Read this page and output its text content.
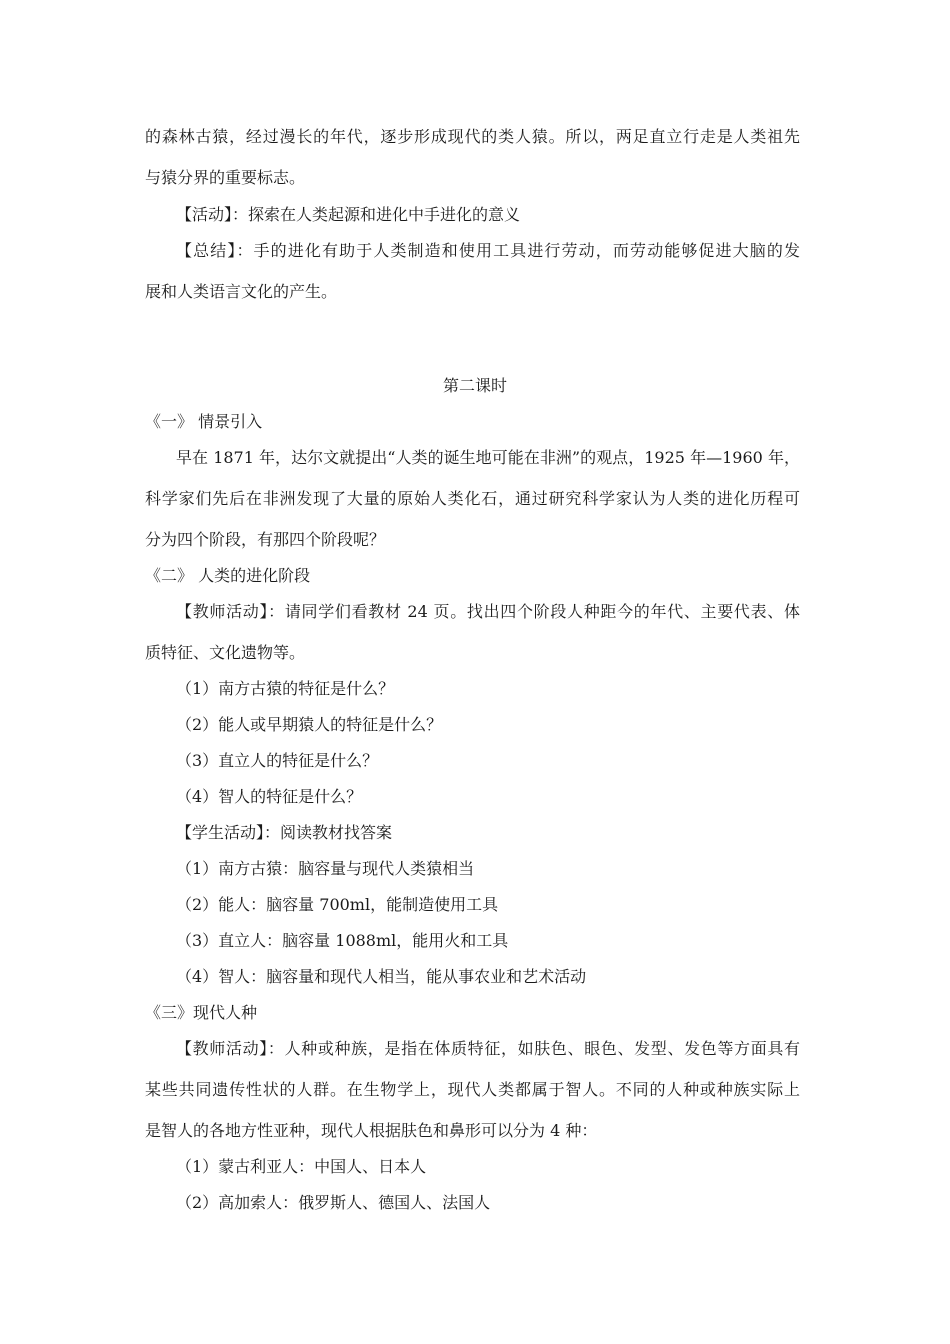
的森林古猿，经过漫长的年代，逐步形成现代的类人猿。所以，两足直立行走是人类祖先
与猿分界的重要标志。
【活动】：探索在人类起源和进化中手进化的意义
【总结】：手的进化有助于人类制造和使用工具进行劳动，而劳动能够促进大脑的发
展和人类语言文化的产生。
第二课时
《一》 情景引入
早在 1871 年，达尔文就提出“人类的诞生地可能在非洲”的观点，1925 年—1960 年，
科学家们先后在非洲发现了大量的原始人类化石，通过研究科学家认为人类的进化历程可
分为四个阶段，有那四个阶段呢？
《二》 人类的进化阶段
【教师活动】：请同学们看教材 24 页。找出四个阶段人种距今的年代、主要代表、体
质特征、文化遗物等。
（1）南方古猿的特征是什么？
（2）能人或早期猿人的特征是什么？
（3）直立人的特征是什么？
（4）智人的特征是什么？
【学生活动】：阅读教材找答案
（1）南方古猿：脑容量与现代人类猿相当
（2）能人：脑容量 700ml，能制造使用工具
（3）直立人：脑容量 1088ml，能用火和工具
（4）智人：脑容量和现代人相当，能从事农业和艺术活动
《三》现代人种
【教师活动】：人种或种族，是指在体质特征，如肤色、眼色、发型、发色等方面具有
某些共同遗传性状的人群。在生物学上，现代人类都属于智人。不同的人种或种族实际上
是智人的各地方性亚种，现代人根据肤色和鼻形可以分为 4 种：
（1）蒙古利亚人：中国人、日本人
（2）高加索人：俄罗斯人、德国人、法国人
